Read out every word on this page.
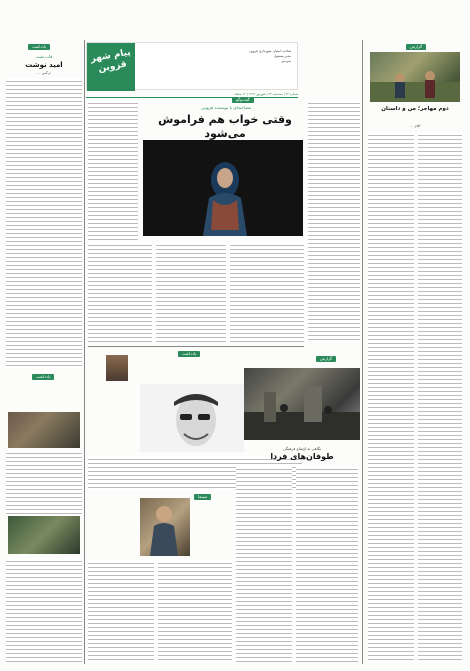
پیام شهر قزوین
صاحب امتیاز: شهرداری قزوین
مدیر مسئول
سردبیر
شماره ۳۶ | سه‌شنبه ۲۴ | شهریور ۱۳۹۹ | ۱۲ صفحه
یادداشت
قاب مثبت
امید نوشت
نرگس ...
یادداشت
گفت‌وگو
مصاحبه‌ای با نویسنده قزوینی
وقتی خواب هم فراموش می‌شود
یادداشت
گزارش
نگاهی به اوضاع فرهنگی
طوفان‌های فردا
سینما
گزارش
دوم مهاجر؛ من و داستان
آقای ...
